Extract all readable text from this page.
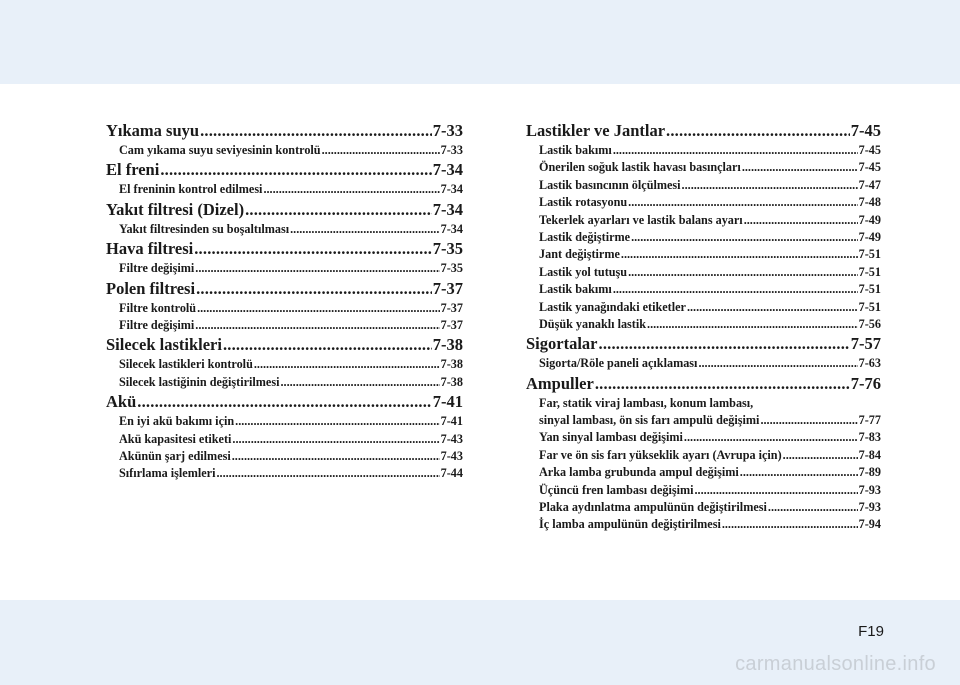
Yıkama suyu .....	7-33
Cam yıkama suyu seviyesinin kontrolü .....	7-33
El freni .....	7-34
El freninin kontrol edilmesi .....	7-34
Yakıt filtresi (Dizel) .....	7-34
Yakıt filtresinden su boşaltılması .....	7-34
Hava filtresi .....	7-35
Filtre değişimi .....	7-35
Polen filtresi .....	7-37
Filtre kontrolü .....	7-37
Filtre değişimi .....	7-37
Silecek lastikleri .....	7-38
Silecek lastikleri kontrolü .....	7-38
Silecek lastiğinin değiştirilmesi .....	7-38
Akü .....	7-41
En iyi akü bakımı için .....	7-41
Akü kapasitesi etiketi .....	7-43
Akünün şarj edilmesi .....	7-43
Sıfırlama işlemleri .....	7-44
Lastikler ve Jantlar .....	7-45
Lastik bakımı .....	7-45
Önerilen soğuk lastik havası basınçları .....	7-45
Lastik basıncının ölçülmesi .....	7-47
Lastik rotasyonu .....	7-48
Tekerlek ayarları ve lastik balans ayarı .....	7-49
Lastik değiştirme .....	7-49
Jant değiştirme .....	7-51
Lastik yol tutuşu .....	7-51
Lastik bakımı .....	7-51
Lastik yanağındaki etiketler .....	7-51
Düşük yanaklı lastik .....	7-56
Sigortalar .....	7-57
Sigorta/Röle paneli açıklaması .....	7-63
Ampuller .....	7-76
Far, statik viraj lambası, konum lambası,
sinyal lambası, ön sis farı ampulü değişimi .....	7-77
Yan sinyal lambası değişimi .....	7-83
Far ve ön sis farı yükseklik ayarı (Avrupa için) .....	7-84
Arka lamba grubunda ampul değişimi .....	7-89
Üçüncü fren lambası değişimi .....	7-93
Plaka aydınlatma ampulünün değiştirilmesi .....	7-93
İç lamba ampulünün değiştirilmesi .....	7-94
F19
carmanualsonline.info
